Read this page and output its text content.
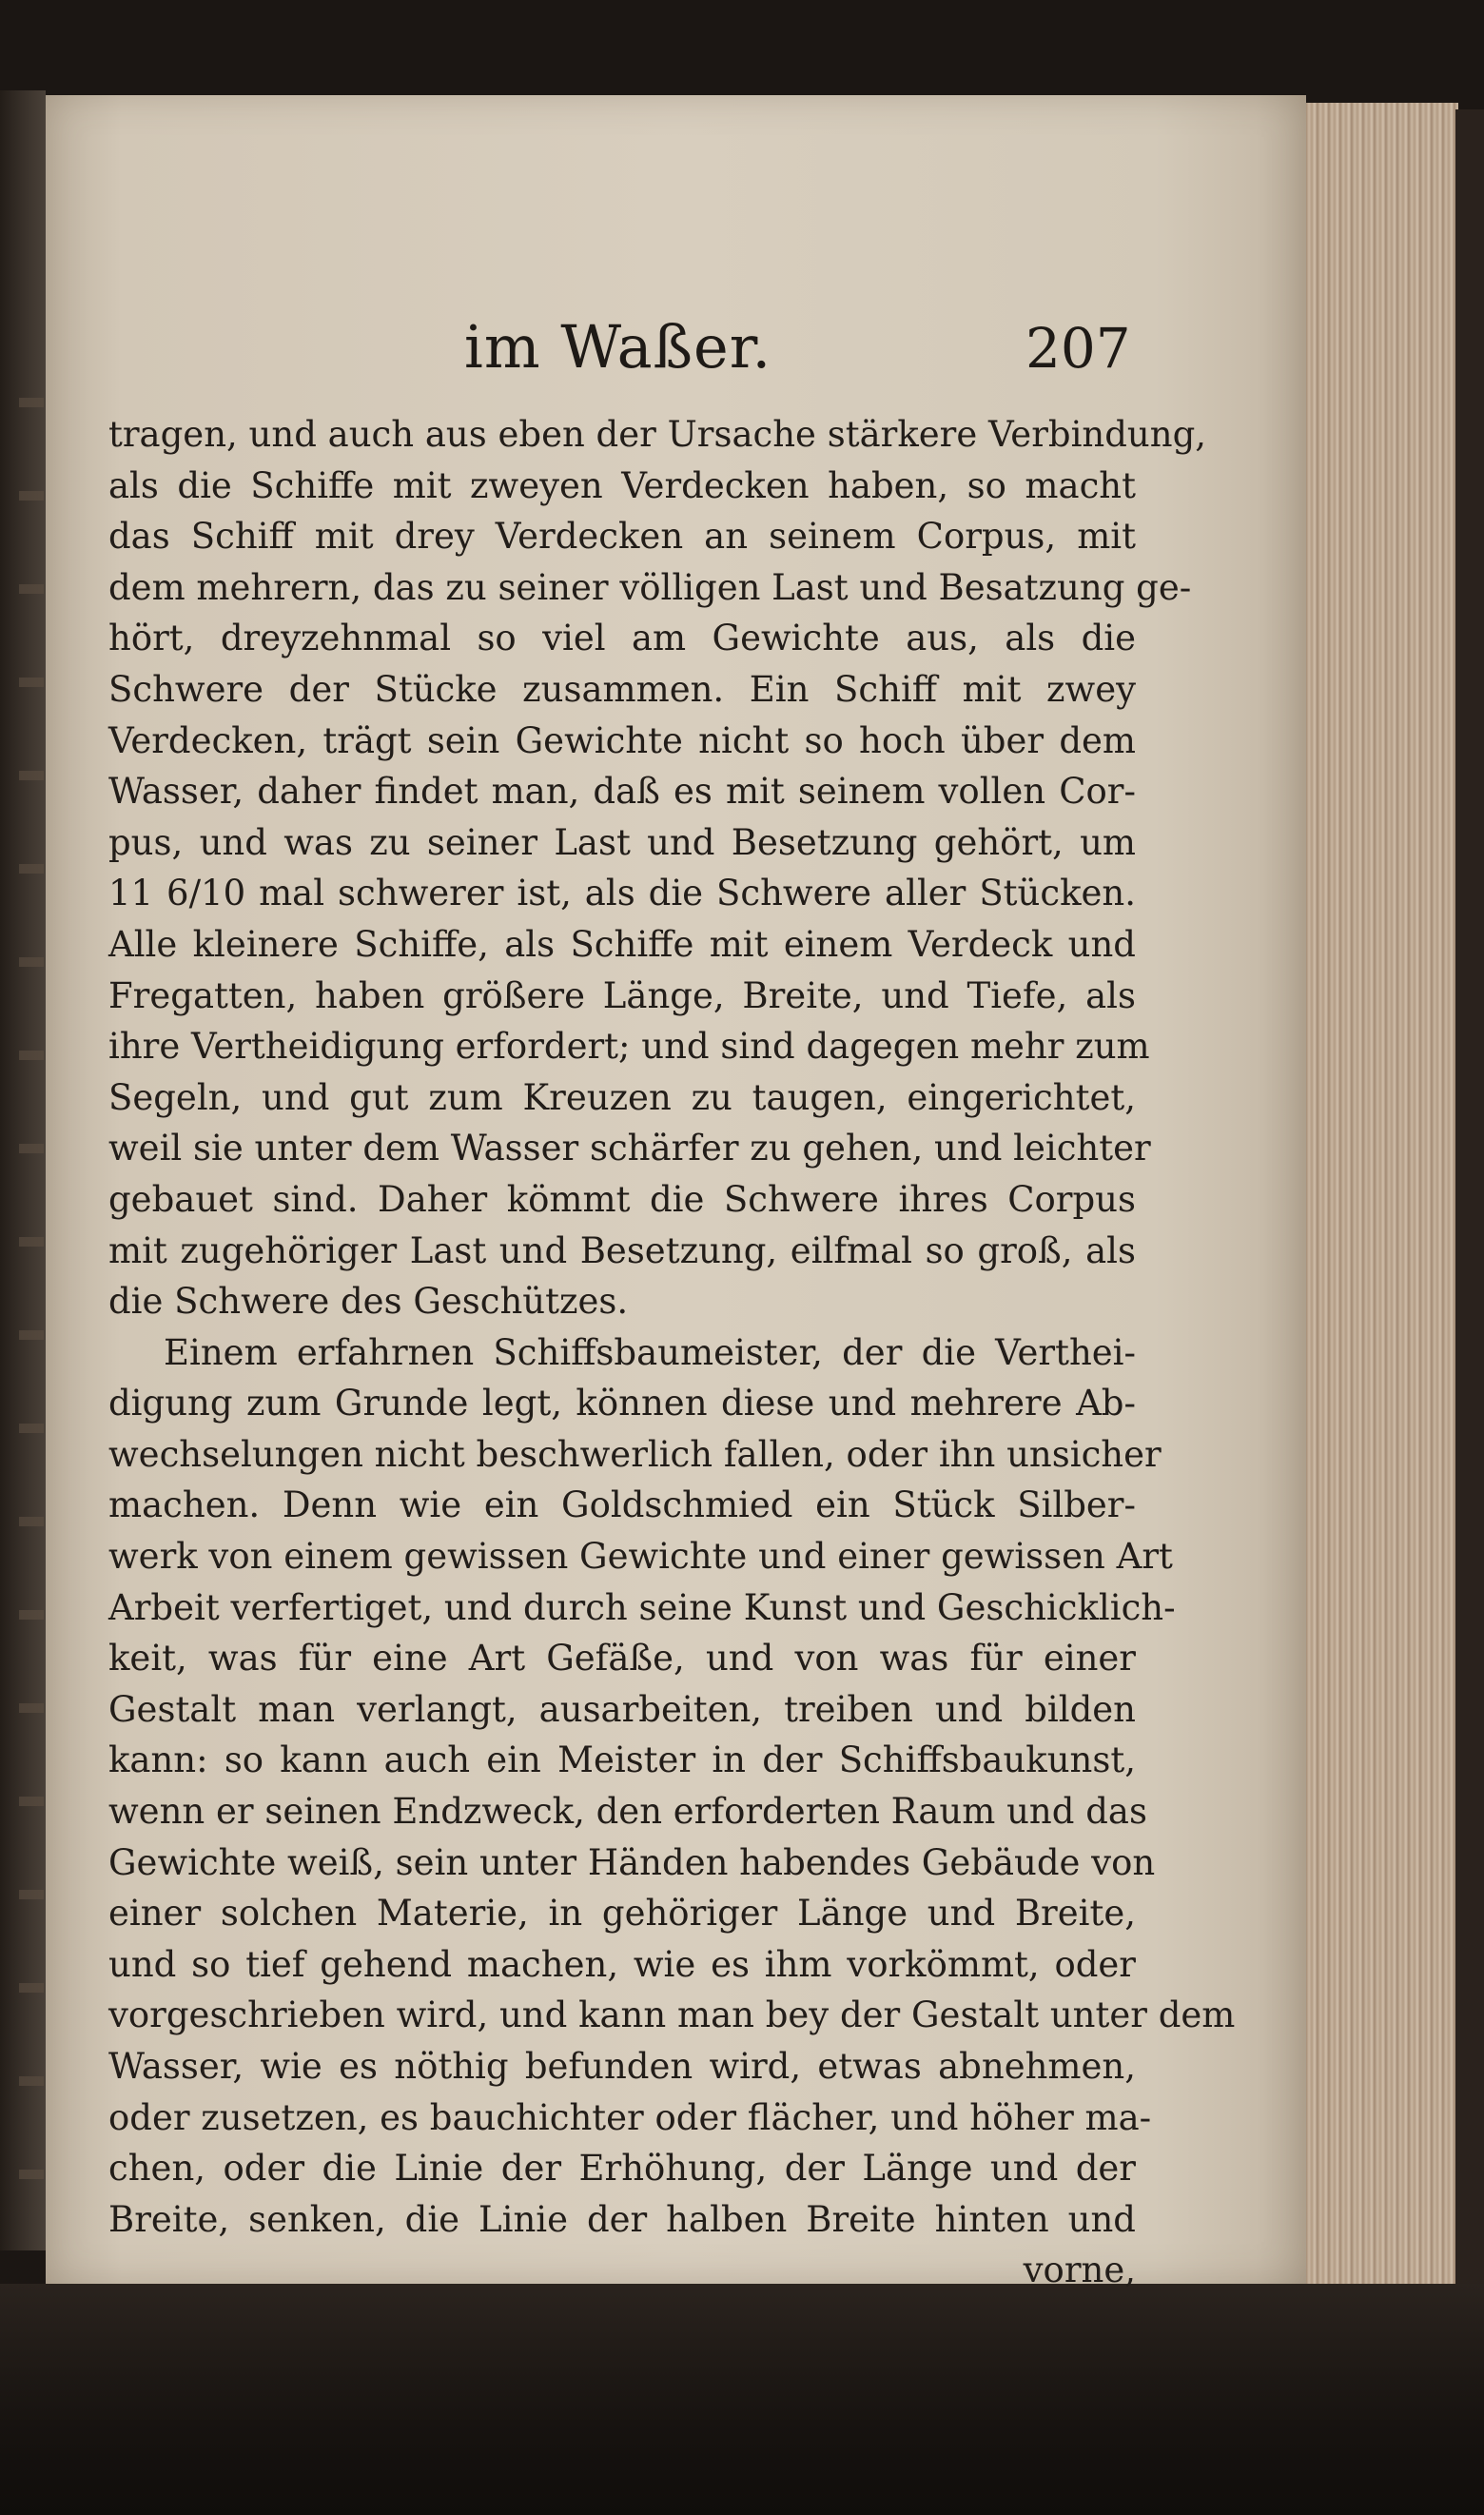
im Waßer.	207
tragen, und auch aus eben der Ursache stärkere Verbindung,
als die Schiffe mit zweyen Verdecken haben, so macht
das Schiff mit drey Verdecken an seinem Corpus, mit
dem mehrern, das zu seiner völligen Last und Besatzung ge-
hört, dreyzehnmal so viel am Gewichte aus, als die
Schwere der Stücke zusammen. Ein Schiff mit zwey
Verdecken, trägt sein Gewichte nicht so hoch über dem
Wasser, daher findet man, daß es mit seinem vollen Cor-
pus, und was zu seiner Last und Besetzung gehört, um
11 6/10 mal schwerer ist, als die Schwere aller Stücken.
Alle kleinere Schiffe, als Schiffe mit einem Verdeck und
Fregatten, haben größere Länge, Breite, und Tiefe, als
ihre Vertheidigung erfordert; und sind dagegen mehr zum
Segeln, und gut zum Kreuzen zu taugen, eingerichtet,
weil sie unter dem Wasser schärfer zu gehen, und leichter
gebauet sind. Daher kömmt die Schwere ihres Corpus
mit zugehöriger Last und Besetzung, eilfmal so groß, als
die Schwere des Geschützes.
Einem erfahrnen Schiffsbaumeister, der die Verthei-
digung zum Grunde legt, können diese und mehrere Ab-
wechselungen nicht beschwerlich fallen, oder ihn unsicher
machen. Denn wie ein Goldschmied ein Stück Silber-
werk von einem gewissen Gewichte und einer gewissen Art
Arbeit verfertiget, und durch seine Kunst und Geschicklich-
keit, was für eine Art Gefäße, und von was für einer
Gestalt man verlangt, ausarbeiten, treiben und bilden
kann: so kann auch ein Meister in der Schiffsbaukunst,
wenn er seinen Endzweck, den erforderten Raum und das
Gewichte weiß, sein unter Händen habendes Gebäude von
einer solchen Materie, in gehöriger Länge und Breite,
und so tief gehend machen, wie es ihm vorkömmt, oder
vorgeschrieben wird, und kann man bey der Gestalt unter dem
Wasser, wie es nöthig befunden wird, etwas abnehmen,
oder zusetzen, es bauchichter oder flächer, und höher ma-
chen, oder die Linie der Erhöhung, der Länge und der
Breite, senken, die Linie der halben Breite hinten und
vorne,
